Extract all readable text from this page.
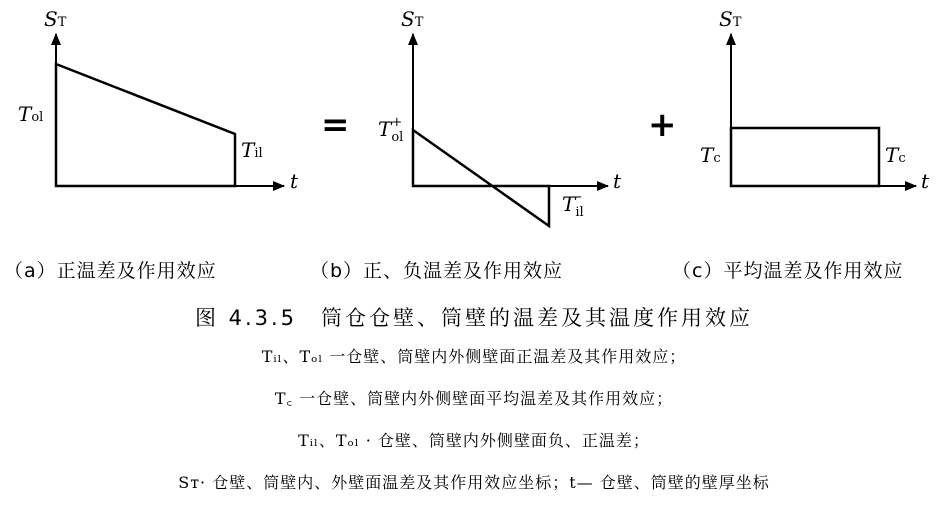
ST
t
Tol
Til
=
ST
t
$T_{ol}+$
$T_{il}-$
+
ST
t
Tc	Tc
（a）正温差及作用效应	（b）正、负温差及作用效应	（c）平均温差及作用效应
图 4.3.5　筒仓仓壁、筒壁的温差及其温度作用效应
Tᵢₗ、Tₒₗ 一仓壁、筒壁内外侧壁面正温差及其作用效应；
T꜀ 一仓壁、筒壁内外侧壁面平均温差及其作用效应；
Tᵢₗ、Tₒₗ · 仓壁、筒壁内外侧壁面负、正温差；
Sᴛ· 仓壁、筒壁内、外壁面温差及其作用效应坐标；t— 仓壁、筒壁的壁厚坐标
